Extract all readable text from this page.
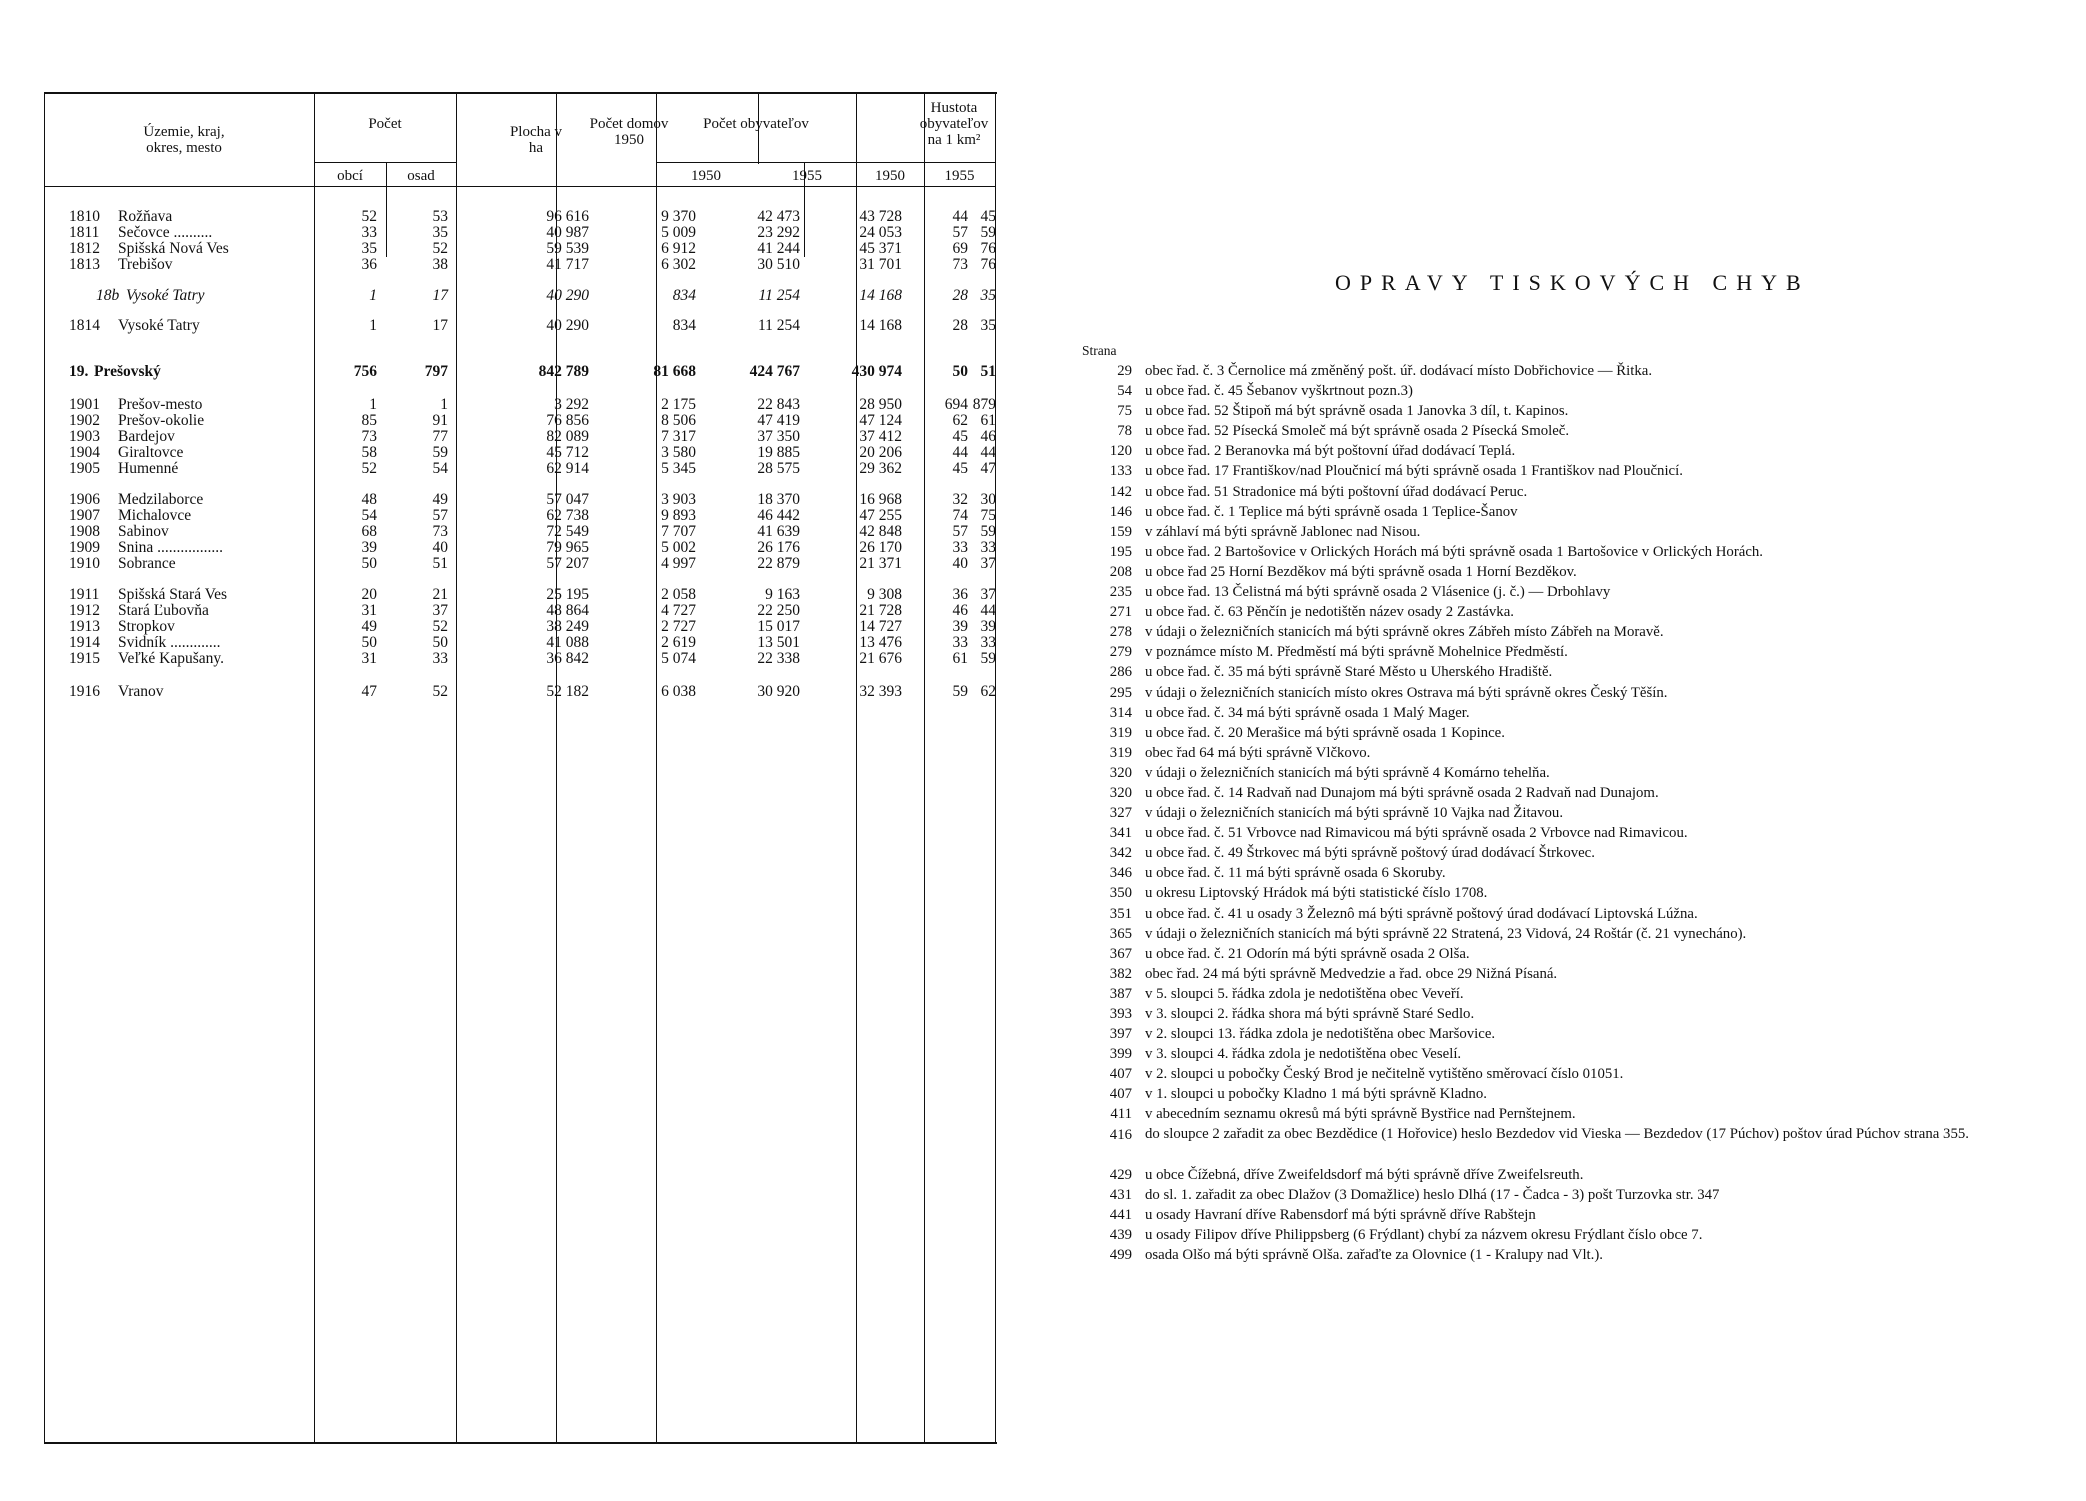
Územie, kraj, okres, mesto
Počet
obcí	osad
Plocha v ha
Počet domov 1950
Počet obyvateľov
1950	1955
Hustota obyvateľov na 1 km²
1950	1955
1810	Rožňava	52	53	96 616	9 370	42 473	43 728	44 45
1811	Sečovce ..........	33	35	40 987	5 009	23 292	24 053	57 59
1812	Spišská Nová Ves	35	52	59 539	6 912	41 244	45 371	69 76
1813	Trebišov	36	38	41 717	6 302	30 510	31 701	73 76
18b Vysoké Tatry	1	17	40 290	834	11 254	14 168	28 35
1814	Vysoké Tatry	1	17	40 290	834	11 254	14 168	28 35
19. Prešovský	756	797	842 789	81 668	424 767	430 974	50 51
1901	Prešov-mesto	1	1	3 292	2 175	22 843	28 950	694 879
1902	Prešov-okolie	85	91	76 856	8 506	47 419	47 124	62 61
1903	Bardejov	73	77	82 089	7 317	37 350	37 412	45 46
1904	Giraltovce	58	59	45 712	3 580	19 885	20 206	44 44
1905	Humenné	52	54	62 914	5 345	28 575	29 362	45 47
1906	Medzilaborce	48	49	57 047	3 903	18 370	16 968	32 30
1907	Michalovce	54	57	62 738	9 893	46 442	47 255	74 75
1908	Sabinov	68	73	72 549	7 707	41 639	42 848	57 59
1909	Snina .................	39	40	79 965	5 002	26 176	26 170	33 33
1910	Sobrance	50	51	57 207	4 997	22 879	21 371	40 37
1911	Spišská Stará Ves	20	21	25 195	2 058	9 163	9 308	36 37
1912	Stará Ľubovňa	31	37	48 864	4 727	22 250	21 728	46 44
1913	Stropkov	49	52	38 249	2 727	15 017	14 727	39 39
1914	Svidník .............	50	50	41 088	2 619	13 501	13 476	33 33
1915	Veľké Kapušany.	31	33	36 842	5 074	22 338	21 676	61 59
1916	Vranov	47	52	52 182	6 038	30 920	32 393	59 62
OPRAVY TISKOVÝCH CHYB
Strana
29 obec řad. č. 3 Černolice má změněný pošt. úř. dodávací místo Dobřichovice — Řitka.
54 u obce řad. č. 45 Šebanov vyškrtnout pozn.3)
75 u obce řad. 52 Štipoň má být správně osada 1 Janovka 3 díl, t. Kapinos.
78 u obce řad. 52 Písecká Smoleč má být správně osada 2 Písecká Smoleč.
120 u obce řad. 2 Beranovka má být poštovní úřad dodávací Teplá.
133 u obce řad. 17 Františkov/nad Ploučnicí má býti správně osada 1 Františkov nad Ploučnicí.
142 u obce řad. 51 Stradonice má býti poštovní úřad dodávací Peruc.
146 u obce řad. č. 1 Teplice má býti správně osada 1 Teplice-Šanov
159 v záhlaví má býti správně Jablonec nad Nisou.
195 u obce řad. 2 Bartošovice v Orlických Horách má býti správně osada 1 Bartošovice v Orlických Horách.
208 u obce řad 25 Horní Bezděkov má býti správně osada 1 Horní Bezděkov.
235 u obce řad. 13 Čelistná má býti správně osada 2 Vlásenice (j. č.) — Drbohlavy
271 u obce řad. č. 63 Pěnčín je nedotištěn název osady 2 Zastávka.
278 v údaji o železničních stanicích má býti správně okres Zábřeh místo Zábřeh na Moravě.
279 v poznámce místo M. Předměstí má býti správně Mohelnice Předměstí.
286 u obce řad. č. 35 má býti správně Staré Město u Uherského Hradiště.
295 v údaji o železničních stanicích místo okres Ostrava má býti správně okres Český Těšín.
314 u obce řad. č. 34 má býti správně osada 1 Malý Mager.
319 u obce řad. č. 20 Merašice má býti správně osada 1 Kopince.
319 obec řad 64 má býti správně Vlčkovo.
320 v údaji o železničních stanicích má býti správně 4 Komárno tehelňa.
320 u obce řad. č. 14 Radvaň nad Dunajom má býti správně osada 2 Radvaň nad Dunajom.
327 v údaji o železničních stanicích má býti správně 10 Vajka nad Žitavou.
341 u obce řad. č. 51 Vrbovce nad Rimavicou má býti správně osada 2 Vrbovce nad Rimavicou.
342 u obce řad. č. 49 Štrkovec má býti správně poštový úrad dodávací Štrkovec.
346 u obce řad. č. 11 má býti správně osada 6 Skoruby.
350 u okresu Liptovský Hrádok má býti statistické číslo 1708.
351 u obce řad. č. 41 u osady 3 Železnô má býti správně poštový úrad dodávací Liptovská Lúžna.
365 v údaji o železničních stanicích má býti správně 22 Stratená, 23 Vidová, 24 Roštár (č. 21 vynecháno).
367 u obce řad. č. 21 Odorín má býti správně osada 2 Olša.
382 obec řad. 24 má býti správně Medvedzie a řad. obce 29 Nižná Písaná.
387 v 5. sloupci 5. řádka zdola je nedotištěna obec Veveří.
393 v 3. sloupci 2. řádka shora má býti správně Staré Sedlo.
397 v 2. sloupci 13. řádka zdola je nedotištěna obec Maršovice.
399 v 3. sloupci 4. řádka zdola je nedotištěna obec Veselí.
407 v 2. sloupci u pobočky Český Brod je nečitelně vytištěno směrovací číslo 01051.
407 v 1. sloupci u pobočky Kladno 1 má býti správně Kladno.
411 v abecedním seznamu okresů má býti správně Bystřice nad Pernštejnem.
416 do sloupce 2 zařadit za obec Bezdědice (1 Hořovice) heslo Bezdedov vid Vieska — Bezdedov (17 Púchov) poštov úrad Púchov strana 355.
429 u obce Čížebná, dříve Zweifeldsdorf má býti správně dříve Zweifelsreuth.
431 do sl. 1. zařadit za obec Dlažov (3 Domažlice) heslo Dlhá (17 - Čadca - 3) pošt Turzovka str. 347
441 u osady Havraní dříve Rabensdorf má býti správně dříve Rabštejn
439 u osady Filipov dříve Philippsberg (6 Frýdlant) chybí za názvem okresu Frýdlant číslo obce 7.
499 osada Olšo má býti správně Olša. zařaďte za Olovnice (1 - Kralupy nad Vlt.).
